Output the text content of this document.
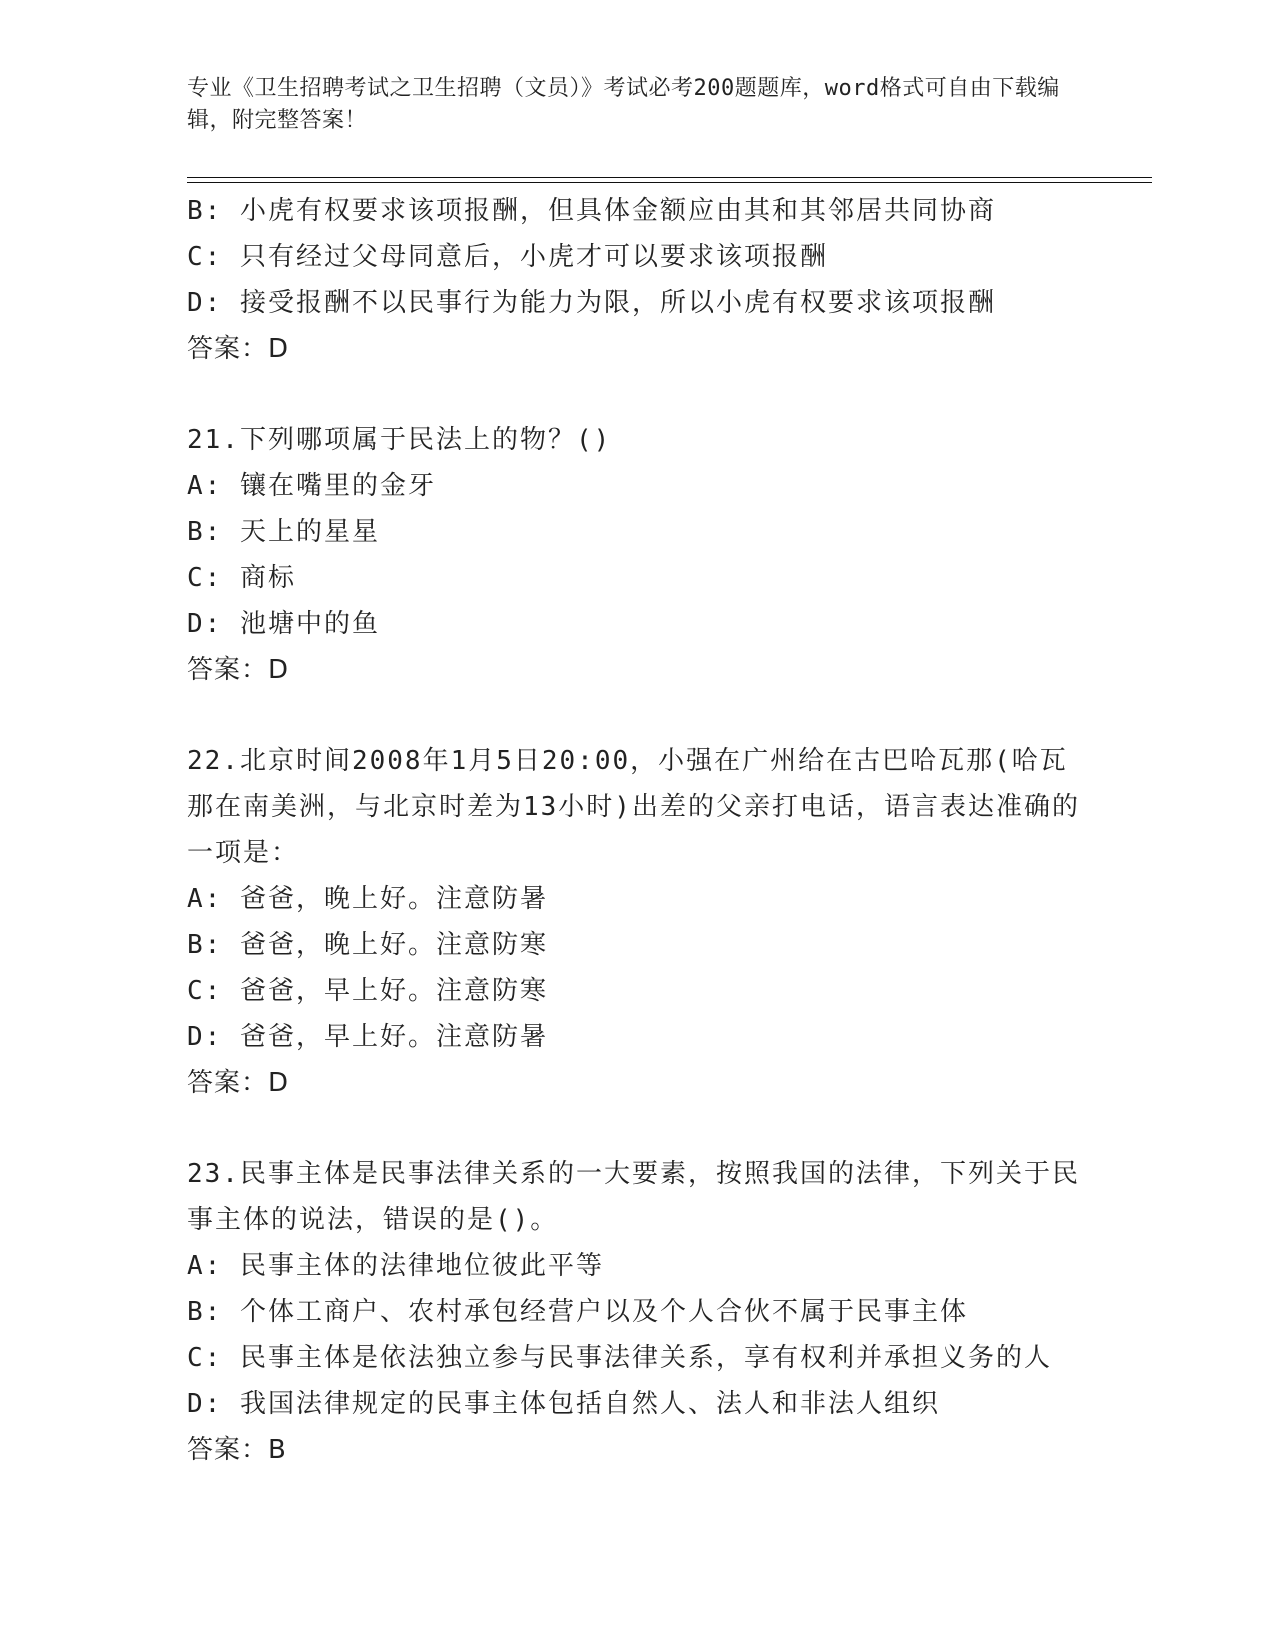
专业《卫生招聘考试之卫生招聘（文员）》考试必考200题题库，word格式可自由下载编辑，附完整答案！
B: 小虎有权要求该项报酬，但具体金额应由其和其邻居共同协商
C: 只有经过父母同意后，小虎才可以要求该项报酬
D: 接受报酬不以民事行为能力为限，所以小虎有权要求该项报酬
答案：D
21.下列哪项属于民法上的物？()
A: 镶在嘴里的金牙
B: 天上的星星
C: 商标
D: 池塘中的鱼
答案：D
22.北京时间2008年1月5日20:00，小强在广州给在古巴哈瓦那(哈瓦那在南美洲，与北京时差为13小时)出差的父亲打电话，语言表达准确的一项是：
A: 爸爸，晚上好。注意防暑
B: 爸爸，晚上好。注意防寒
C: 爸爸，早上好。注意防寒
D: 爸爸，早上好。注意防暑
答案：D
23.民事主体是民事法律关系的一大要素，按照我国的法律，下列关于民事主体的说法，错误的是()。
A: 民事主体的法律地位彼此平等
B: 个体工商户、农村承包经营户以及个人合伙不属于民事主体
C: 民事主体是依法独立参与民事法律关系，享有权利并承担义务的人
D: 我国法律规定的民事主体包括自然人、法人和非法人组织
答案：B
